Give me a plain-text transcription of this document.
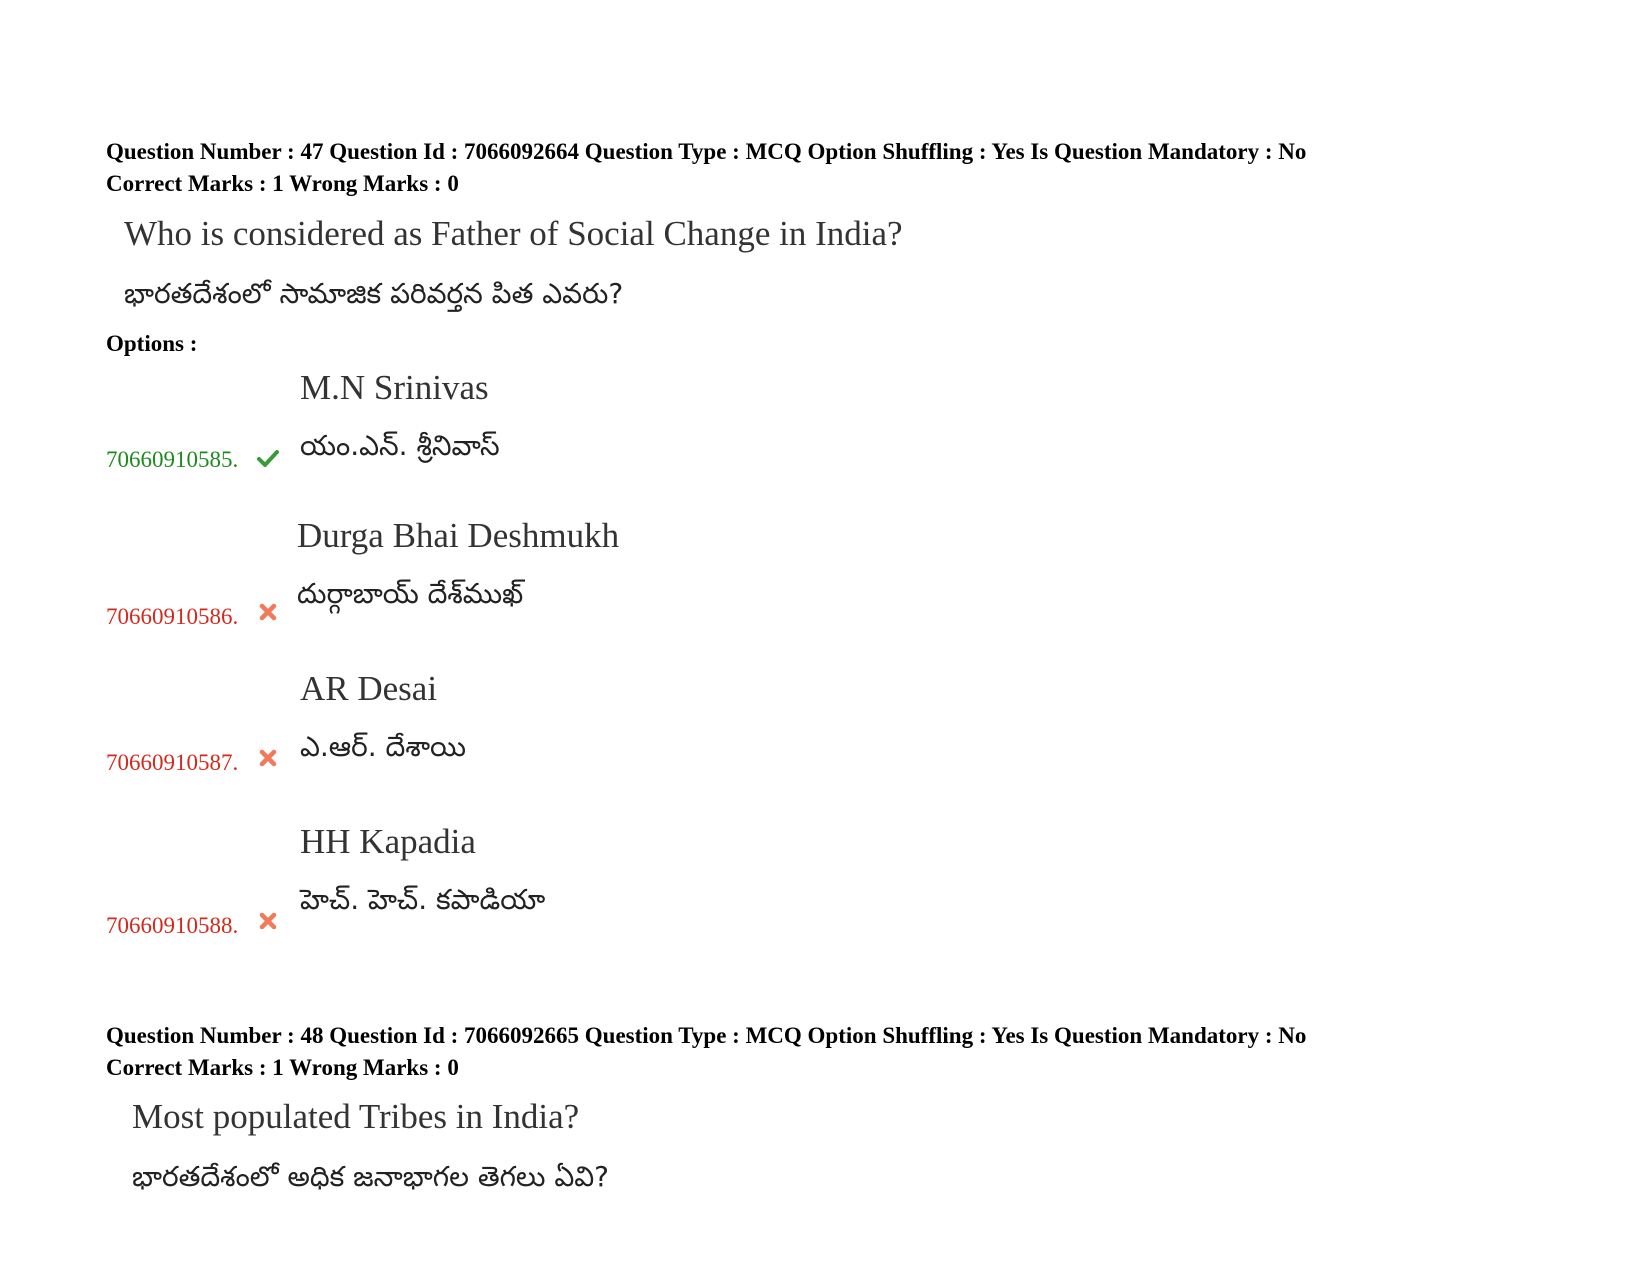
Question Number : 47 Question Id : 7066092664 Question Type : MCQ Option Shuffling : Yes Is Question Mandatory : No
Correct Marks : 1 Wrong Marks : 0
Who is considered as Father of Social Change in India?
భారతదేశంలో సామాజిక పరివర్తన పిత ఎవరు?
Options :
M.N Srinivas
యం.ఎన్. శ్రీనివాస్
70660910585.
Durga Bhai Deshmukh
దుర్గాబాయ్ దేశ్‌ముఖ్
70660910586.
AR Desai
ఎ.ఆర్. దేశాయి
70660910587.
HH Kapadia
హెచ్. హెచ్. కపాడియా
70660910588.
Question Number : 48 Question Id : 7066092665 Question Type : MCQ Option Shuffling : Yes Is Question Mandatory : No
Correct Marks : 1 Wrong Marks : 0
Most populated Tribes in India?
భారతదేశంలో అధిక జనాభాగల తెగలు ఏవి?
